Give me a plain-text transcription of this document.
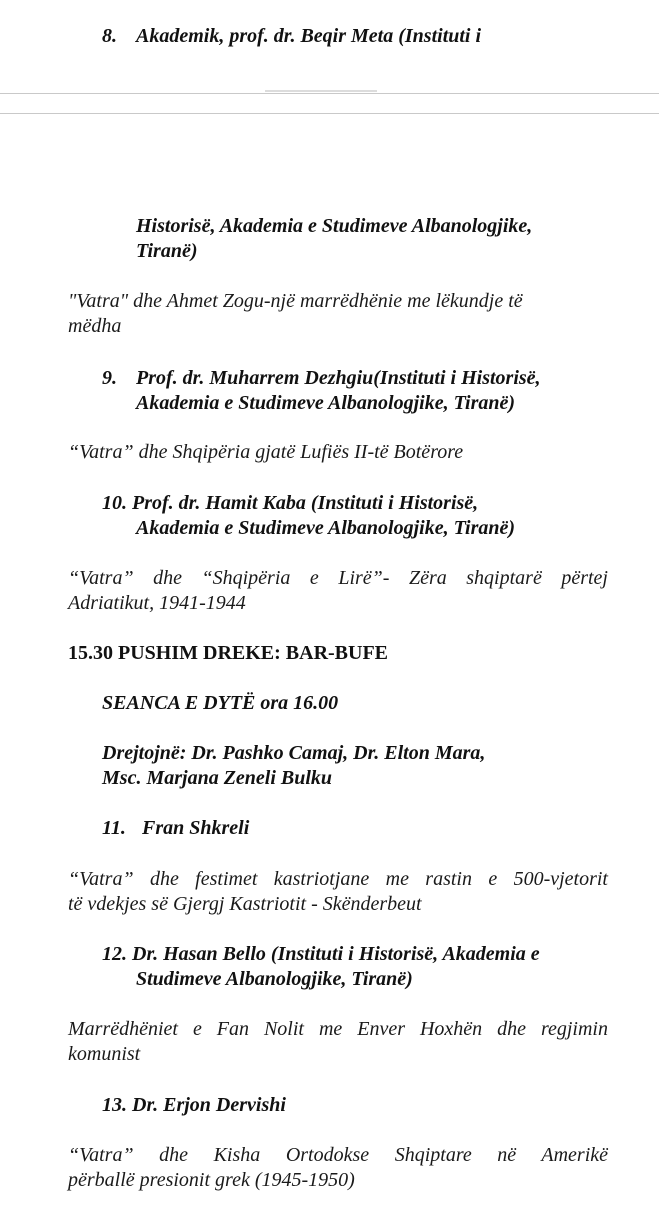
8. Akademik, prof. dr. Beqir Meta (Instituti i

Historisë, Akademia e Studimeve Albanologjike,

Tiranë)

"Vatra" dhe Ahmet Zogu-një marrëdhënie me lëkundje të

mëdha

9. Prof. dr. Muharrem Dezhgiu(Instituti i Historisë,

Akademia e Studimeve Albanologjike, Tiranë)

“Vatra” dhe Shqipëria gjatë Lufiës II-të Botërore

10. Prof. dr. Hamit Kaba (Instituti i Historisë,

Akademia e Studimeve Albanologjike, Tiranë)

“Vatra” dhe “Shqipëria e Lirë”- Zëra shqiptarë përtej

Adriatikut, 1941-1944

15.30 PUSHIM DREKE: BAR-BUFE

SEANCA E DYTË ora 16.00

Drejtojnë: Dr. Pashko Camaj, Dr. Elton Mara,

Msc. Marjana Zeneli Bulku

11. Fran Shkreli

“Vatra” dhe festimet kastriotjane me rastin e 500-vjetorit

të vdekjes së Gjergj Kastriotit - Skënderbeut

12. Dr. Hasan Bello (Instituti i Historisë, Akademia e

Studimeve Albanologjike, Tiranë)

Marrëdhëniet e Fan Nolit me Enver Hoxhën dhe regjimin

komunist

13. Dr. Erjon Dervishi

“Vatra” dhe Kisha Ortodokse Shqiptare në Amerikë

përballë presionit grek (1945-1950)
